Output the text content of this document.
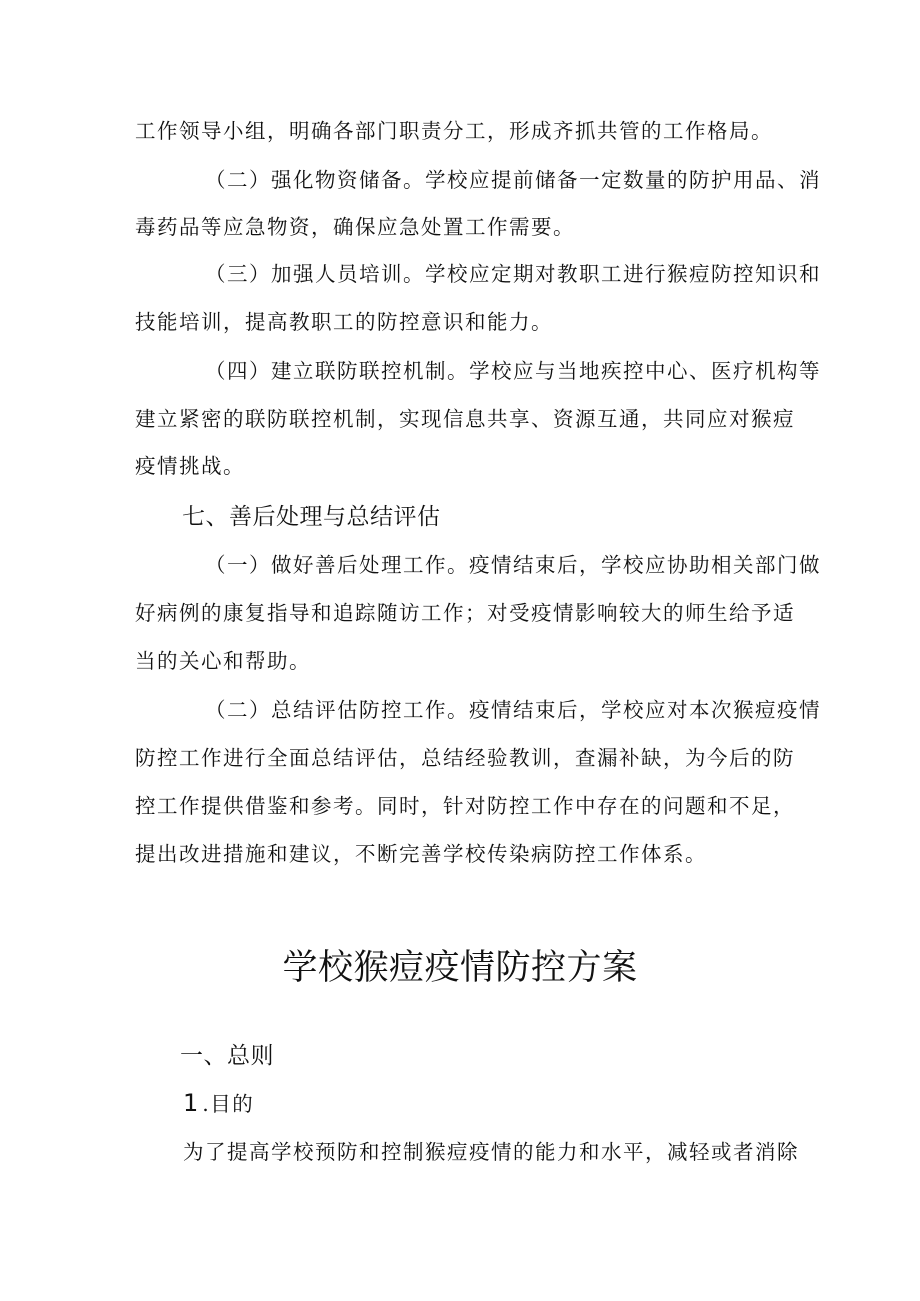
工作领导小组，明确各部门职责分工，形成齐抓共管的工作格局。
（二）强化物资储备。学校应提前储备一定数量的防护用品、消
毒药品等应急物资，确保应急处置工作需要。
（三）加强人员培训。学校应定期对教职工进行猴痘防控知识和
技能培训，提高教职工的防控意识和能力。
（四）建立联防联控机制。学校应与当地疾控中心、医疗机构等
建立紧密的联防联控机制，实现信息共享、资源互通，共同应对猴痘
疫情挑战。
七、善后处理与总结评估
（一）做好善后处理工作。疫情结束后，学校应协助相关部门做
好病例的康复指导和追踪随访工作；对受疫情影响较大的师生给予适
当的关心和帮助。
（二）总结评估防控工作。疫情结束后，学校应对本次猴痘疫情
防控工作进行全面总结评估，总结经验教训，查漏补缺，为今后的防
控工作提供借鉴和参考。同时，针对防控工作中存在的问题和不足，
提出改进措施和建议，不断完善学校传染病防控工作体系。
学校猴痘疫情防控方案
一、总则
1 .目的
为了提高学校预防和控制猴痘疫情的能力和水平，减轻或者消除
